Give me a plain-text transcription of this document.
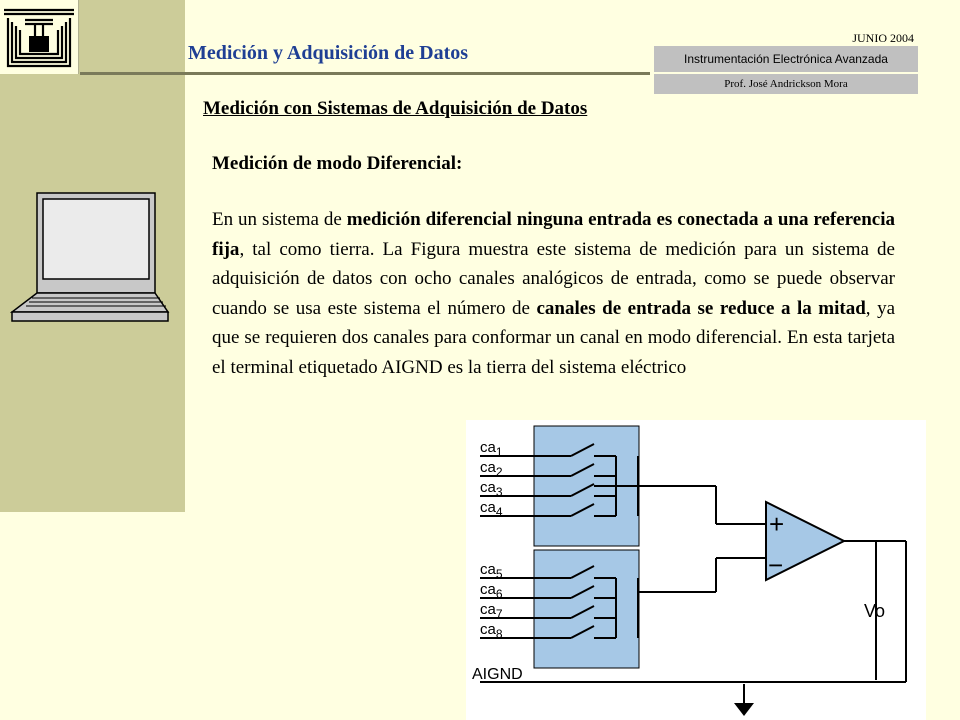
Medición y Adquisición de Datos
JUNIO 2004
Instrumentación Electrónica Avanzada
Prof. José Andrickson Mora
Medición con Sistemas de Adquisición de Datos
Medición de modo Diferencial:

En un sistema de medición diferencial ninguna entrada es conectada a una referencia fija, tal como tierra. La Figura muestra este sistema de medición para un sistema de adquisición de datos con ocho canales analógicos de entrada, como se puede observar cuando se usa este sistema el número de canales de entrada se reduce a la mitad, ya que se requieren dos canales para conformar un canal en modo diferencial. En esta tarjeta el terminal etiquetado AIGND es la tierra del sistema eléctrico

$ca_1$
$ca_2$
$ca_3$
$ca_4$
$ca_5$
$ca_6$
$ca_7$
$ca_8$
+
−
Vo
AIGND
